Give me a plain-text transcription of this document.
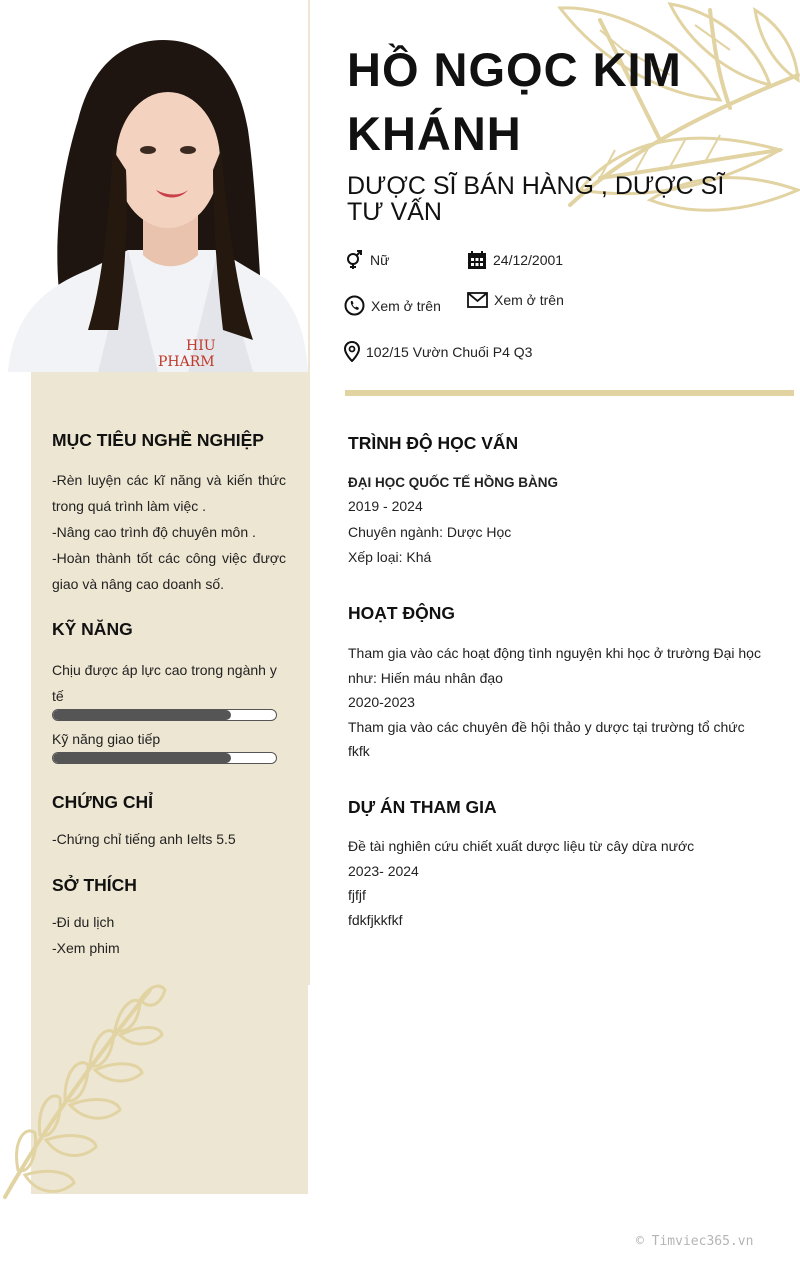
HIU
PHARM
HỒ NGỌC KIM KHÁNH
DƯỢC SĨ BÁN HÀNG , DƯỢC SĨ TƯ VẤN
Nữ	24/12/2001
Xem ở trên	Xem ở trên
102/15 Vườn Chuối P4 Q3
MỤC TIÊU NGHỀ NGHIỆP

-Rèn luyện các kĩ năng và kiến thức trong quá trình làm việc .

-Nâng cao trình độ chuyên môn .

-Hoàn thành tốt các công việc được giao và nâng cao doanh số.

KỸ NĂNG
Chịu được áp lực cao trong ngành y tế
Kỹ năng giao tiếp
CHỨNG CHỈ
-Chứng chỉ tiếng anh Ielts 5.5
SỞ THÍCH

-Đi du lịch

-Xem phim

TRÌNH ĐỘ HỌC VẤN
ĐẠI HỌC QUỐC TẾ HỒNG BÀNG

2019 - 2024

Chuyên ngành: Dược Học

Xếp loại: Khá

HOẠT ĐỘNG

Tham gia vào các hoạt động tình nguyện khi học ở trường Đại học như: Hiến máu nhân đạo

2020-2023

Tham gia vào các chuyên đề hội thảo y dược tại trường tổ chức

fkfk

DỰ ÁN THAM GIA

Đề tài nghiên cứu chiết xuất dược liệu từ cây dừa nước

2023- 2024

fjfjf

fdkfjkkfkf

© Timviec365.vn
